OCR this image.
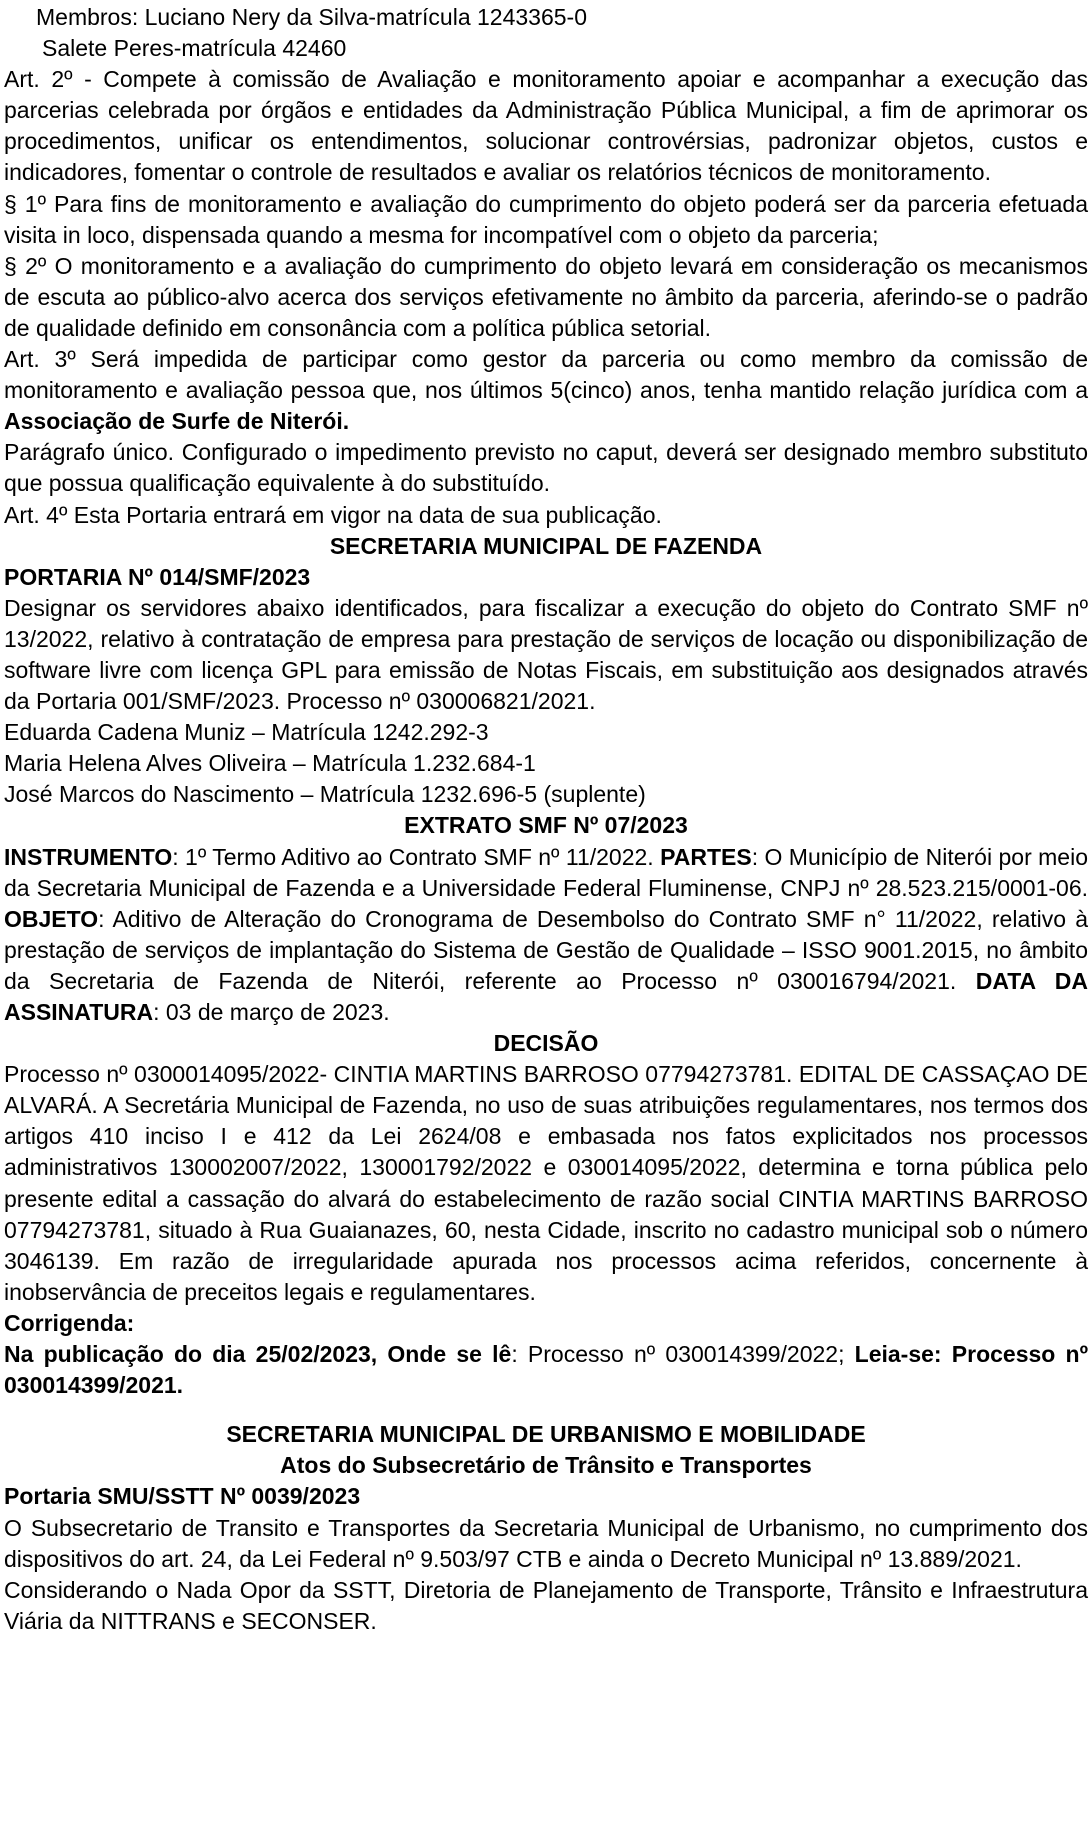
Membros: Luciano Nery da Silva-matrícula 1243365-0

Salete Peres-matrícula 42460

Art. 2º - Compete à comissão de Avaliação e monitoramento apoiar e acompanhar a execução das parcerias celebrada por órgãos e entidades da Administração Pública Municipal, a fim de aprimorar os procedimentos, unificar os entendimentos, solucionar controvérsias, padronizar objetos, custos e indicadores, fomentar o controle de resultados e avaliar os relatórios técnicos de monitoramento.

§ 1º Para fins de monitoramento e avaliação do cumprimento do objeto poderá ser da parceria efetuada visita in loco, dispensada quando a mesma for incompatível com o objeto da parceria;

§ 2º O monitoramento e a avaliação do cumprimento do objeto levará em consideração os mecanismos de escuta ao público-alvo acerca dos serviços efetivamente no âmbito da parceria, aferindo-se o padrão de qualidade definido em consonância com a política pública setorial.

Art. 3º Será impedida de participar como gestor da parceria ou como membro da comissão de monitoramento e avaliação pessoa que, nos últimos 5(cinco) anos, tenha mantido relação jurídica com a Associação de Surfe de Niterói.

Parágrafo único. Configurado o impedimento previsto no caput, deverá ser designado membro substituto que possua qualificação equivalente à do substituído.

Art. 4º Esta Portaria entrará em vigor na data de sua publicação.

SECRETARIA MUNICIPAL DE FAZENDA

PORTARIA Nº 014/SMF/2023

Designar os servidores abaixo identificados, para fiscalizar a execução do objeto do Contrato SMF nº 13/2022, relativo à contratação de empresa para prestação de serviços de locação ou disponibilização de software livre com licença GPL para emissão de Notas Fiscais, em substituição aos designados através da Portaria 001/SMF/2023. Processo nº 030006821/2021.

Eduarda Cadena Muniz – Matrícula 1242.292-3

Maria Helena Alves Oliveira – Matrícula 1.232.684-1

José Marcos do Nascimento – Matrícula 1232.696-5 (suplente)

EXTRATO SMF Nº 07/2023

INSTRUMENTO: 1º Termo Aditivo ao Contrato SMF nº 11/2022. PARTES: O Município de Niterói por meio da Secretaria Municipal de Fazenda e a Universidade Federal Fluminense, CNPJ nº 28.523.215/0001-06. OBJETO: Aditivo de Alteração do Cronograma de Desembolso do Contrato SMF n° 11/2022, relativo à prestação de serviços de implantação do Sistema de Gestão de Qualidade – ISSO 9001.2015, no âmbito da Secretaria de Fazenda de Niterói, referente ao Processo nº 030016794/2021. DATA DA ASSINATURA: 03 de março de 2023.

DECISÃO

Processo nº 0300014095/2022- CINTIA MARTINS BARROSO 07794273781. EDITAL DE CASSAÇAO DE ALVARÁ. A Secretária Municipal de Fazenda, no uso de suas atribuições regulamentares, nos termos dos artigos 410 inciso I e 412 da Lei 2624/08 e embasada nos fatos explicitados nos processos administrativos 130002007/2022, 130001792/2022 e 030014095/2022, determina e torna pública pelo presente edital a cassação do alvará do estabelecimento de razão social CINTIA MARTINS BARROSO 07794273781, situado à Rua Guaianazes, 60, nesta Cidade, inscrito no cadastro municipal sob o número 3046139. Em razão de irregularidade apurada nos processos acima referidos, concernente à inobservância de preceitos legais e regulamentares.

Corrigenda:

Na publicação do dia 25/02/2023, Onde se lê: Processo nº 030014399/2022; Leia-se: Processo nº 030014399/2021.

SECRETARIA MUNICIPAL DE URBANISMO E MOBILIDADE

Atos do Subsecretário de Trânsito e Transportes

Portaria SMU/SSTT Nº 0039/2023

O Subsecretario de Transito e Transportes da Secretaria Municipal de Urbanismo, no cumprimento dos dispositivos do art. 24, da Lei Federal nº 9.503/97 CTB e ainda o Decreto Municipal nº 13.889/2021.

Considerando o Nada Opor da SSTT, Diretoria de Planejamento de Transporte, Trânsito e Infraestrutura Viária da NITTRANS e SECONSER.
